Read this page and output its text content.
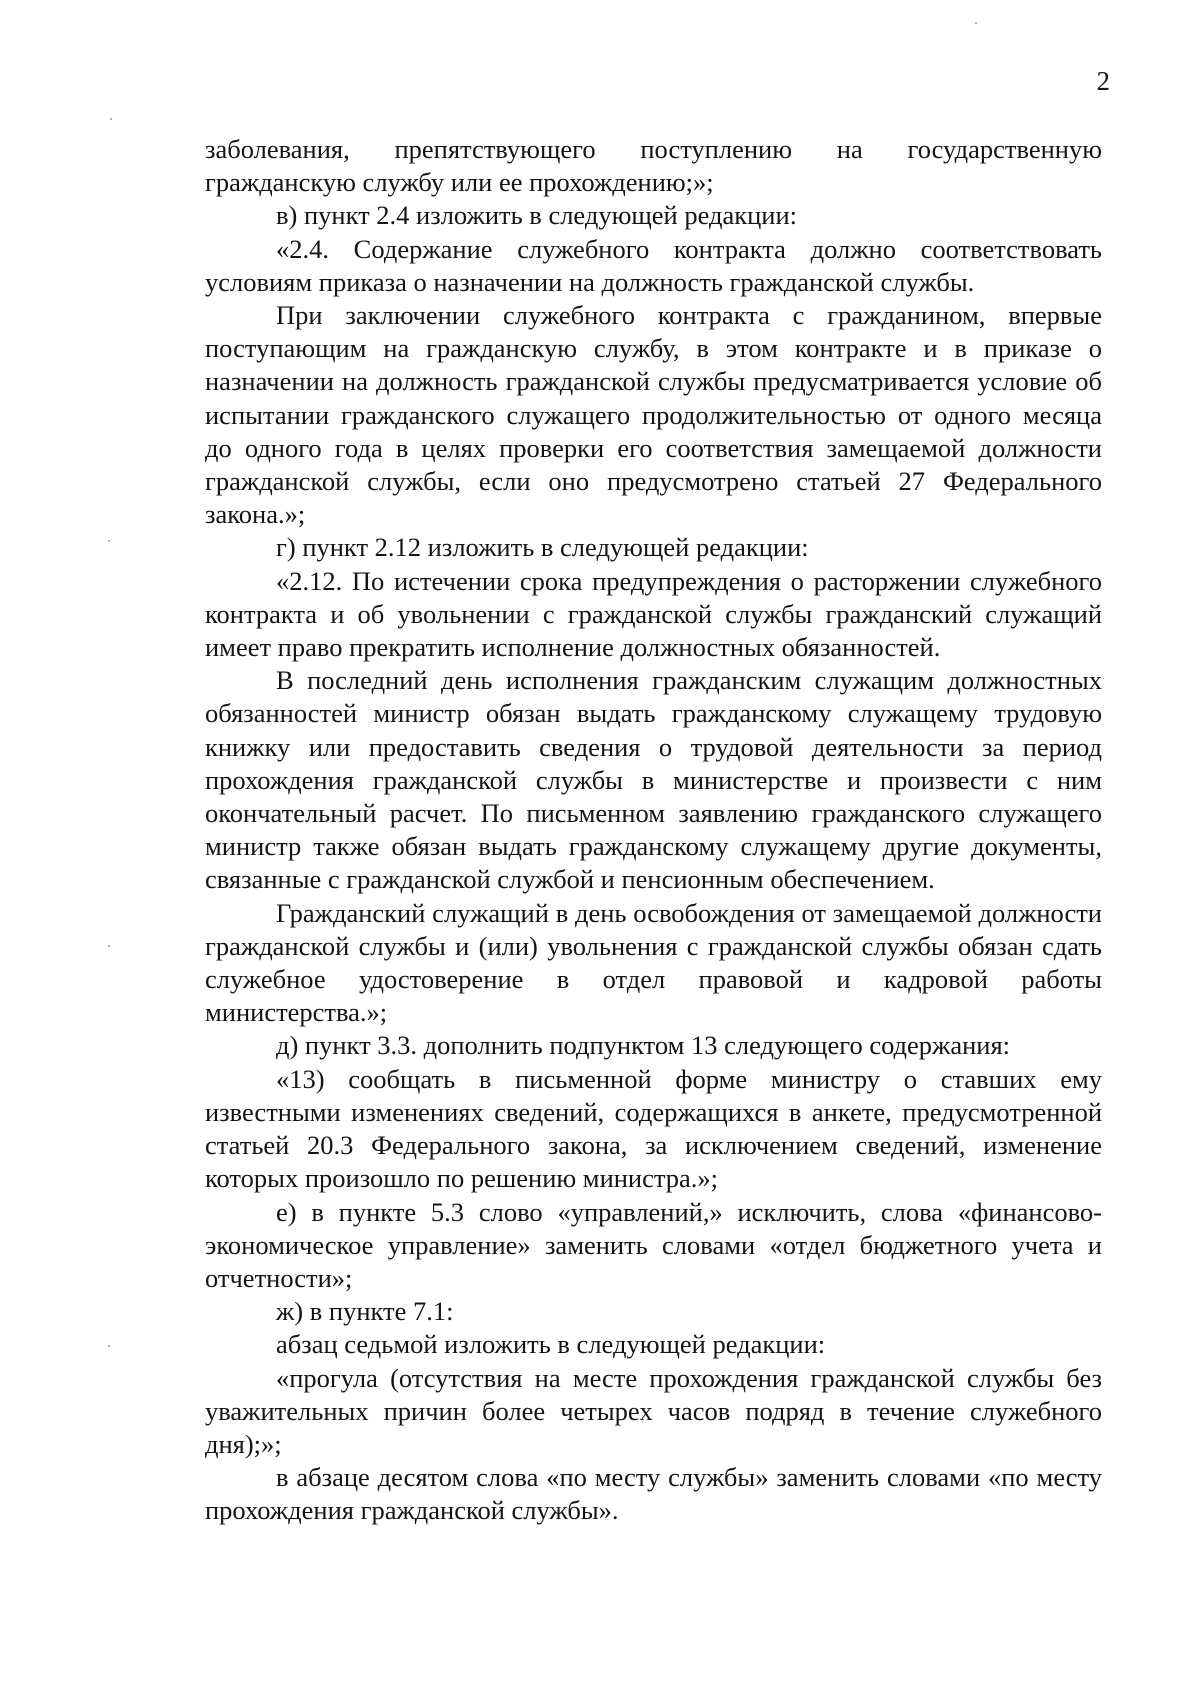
2

заболевания, препятствующего поступлению на государственную гражданскую службу или ее прохождению;»;

в) пункт 2.4 изложить в следующей редакции:

«2.4. Содержание служебного контракта должно соответствовать условиям приказа о назначении на должность гражданской службы.

При заключении служебного контракта с гражданином, впервые поступающим на гражданскую службу, в этом контракте и в приказе о назначении на должность гражданской службы предусматривается условие об испытании гражданского служащего продолжительностью от одного месяца до одного года в целях проверки его соответствия замещаемой должности гражданской службы, если оно предусмотрено статьей 27 Федерального закона.»;

г) пункт 2.12 изложить в следующей редакции:

«2.12. По истечении срока предупреждения о расторжении служебного контракта и об увольнении с гражданской службы гражданский служащий имеет право прекратить исполнение должностных обязанностей.

В последний день исполнения гражданским служащим должностных обязанностей министр обязан выдать гражданскому служащему трудовую книжку или предоставить сведения о трудовой деятельности за период прохождения гражданской службы в министерстве и произвести с ним окончательный расчет. По письменном заявлению гражданского служащего министр также обязан выдать гражданскому служащему другие документы, связанные с гражданской службой и пенсионным обеспечением.

Гражданский служащий в день освобождения от замещаемой должности гражданской службы и (или) увольнения с гражданской службы обязан сдать служебное удостоверение в отдел правовой и кадровой работы министерства.»;

д) пункт 3.3. дополнить подпунктом 13 следующего содержания:

«13) сообщать в письменной форме министру о ставших ему известными изменениях сведений, содержащихся в анкете, предусмотренной статьей 20.3 Федерального закона, за исключением сведений, изменение которых произошло по решению министра.»;

е) в пункте 5.3 слово «управлений,» исключить, слова «финансово-экономическое управление» заменить словами «отдел бюджетного учета и отчетности»;

ж) в пункте 7.1:

абзац седьмой изложить в следующей редакции:

«прогула (отсутствия на месте прохождения гражданской службы без уважительных причин более четырех часов подряд в течение служебного дня);»;

в абзаце десятом слова «по месту службы» заменить словами «по месту прохождения гражданской службы».
